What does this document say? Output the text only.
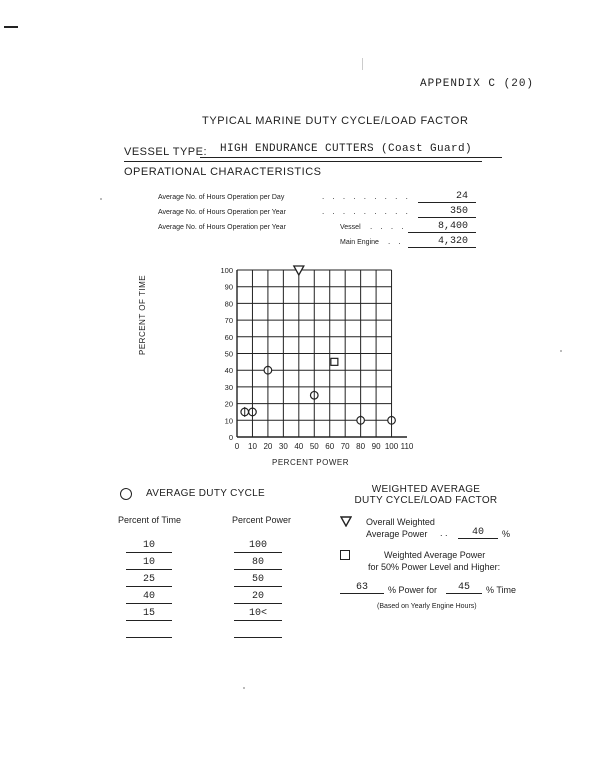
APPENDIX C (20)
TYPICAL MARINE DUTY CYCLE/LOAD FACTOR
VESSEL TYPE:	HIGH ENDURANCE CUTTERS (Coast Guard)
OPERATIONAL CHARACTERISTICS
Average No. of Hours Operation per Day	. . . . . . . . .	24
Average No. of Hours Operation per Year	. . . . . . . . .	350
Average No. of Hours Operation per Year	Vessel . . . .	8,400
Main Engine . .	4,320
0 10 20 30 40 50 60 70 80 90 100 110
0
10
20
30
40
50
60
70
80
90
100
PERCENT POWER
PERCENT OF TIME
AVERAGE DUTY CYCLE
Percent of Time	Percent Power
10	100
10	80
25	50
40	20
15	10<

WEIGHTED AVERAGE
DUTY CYCLE/LOAD FACTOR
Overall Weighted
Average Power . .	40	%
Weighted Average Power
for 50% Power Level and Higher:
63	% Power for	45	% Time
(Based on Yearly Engine Hours)
